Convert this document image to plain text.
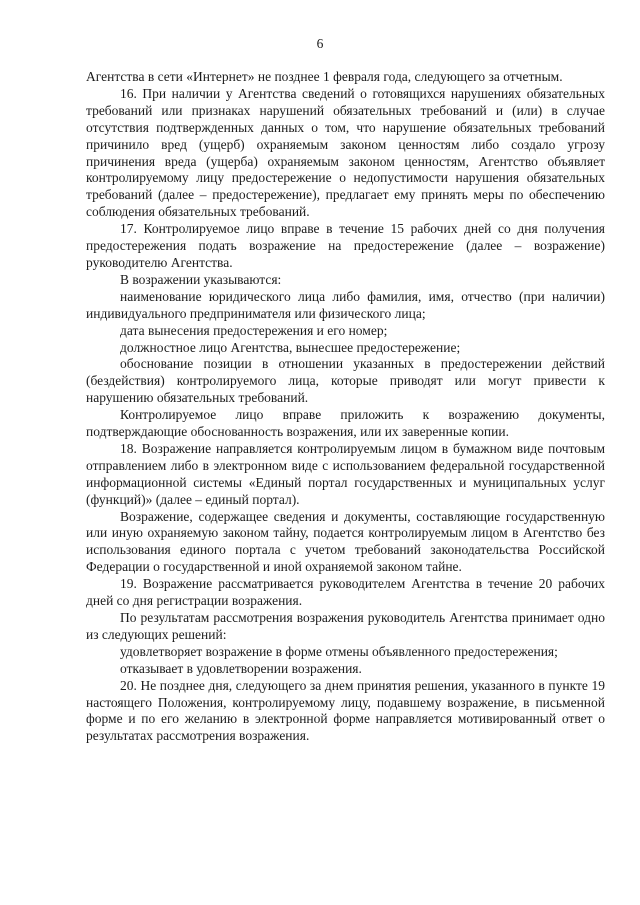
6

Агентства в сети «Интернет» не позднее 1 февраля года, следующего за отчетным.

16. При наличии у Агентства сведений о готовящихся нарушениях обязательных требований или признаках нарушений обязательных требований и (или) в случае отсутствия подтвержденных данных о том, что нарушение обязательных требований причинило вред (ущерб) охраняемым законом ценностям либо создало угрозу причинения вреда (ущерба) охраняемым законом ценностям, Агентство объявляет контролируемому лицу предостережение о недопустимости нарушения обязательных требований (далее – предостережение), предлагает ему принять меры по обеспечению соблюдения обязательных требований.

17. Контролируемое лицо вправе в течение 15 рабочих дней со дня получения предостережения подать возражение на предостережение (далее – возражение) руководителю Агентства.

В возражении указываются:

наименование юридического лица либо фамилия, имя, отчество (при наличии) индивидуального предпринимателя или физического лица;

дата вынесения предостережения и его номер;

должностное лицо Агентства, вынесшее предостережение;

обоснование позиции в отношении указанных в предостережении действий (бездействия) контролируемого лица, которые приводят или могут привести к нарушению обязательных требований.

Контролируемое лицо вправе приложить к возражению документы, подтверждающие обоснованность возражения, или их заверенные копии.

18. Возражение направляется контролируемым лицом в бумажном виде почтовым отправлением либо в электронном виде с использованием федеральной государственной информационной системы «Единый портал государственных и муниципальных услуг (функций)» (далее – единый портал).

Возражение, содержащее сведения и документы, составляющие государственную или иную охраняемую законом тайну, подается контролируемым лицом в Агентство без использования единого портала с учетом требований законодательства Российской Федерации о государственной и иной охраняемой законом тайне.

19. Возражение рассматривается руководителем Агентства в течение 20 рабочих дней со дня регистрации возражения.

По результатам рассмотрения возражения руководитель Агентства принимает одно из следующих решений:

удовлетворяет возражение в форме отмены объявленного предостережения;

отказывает в удовлетворении возражения.

20. Не позднее дня, следующего за днем принятия решения, указанного в пункте 19 настоящего Положения, контролируемому лицу, подавшему возражение, в письменной форме и по его желанию в электронной форме направляется мотивированный ответ о результатах рассмотрения возражения.
